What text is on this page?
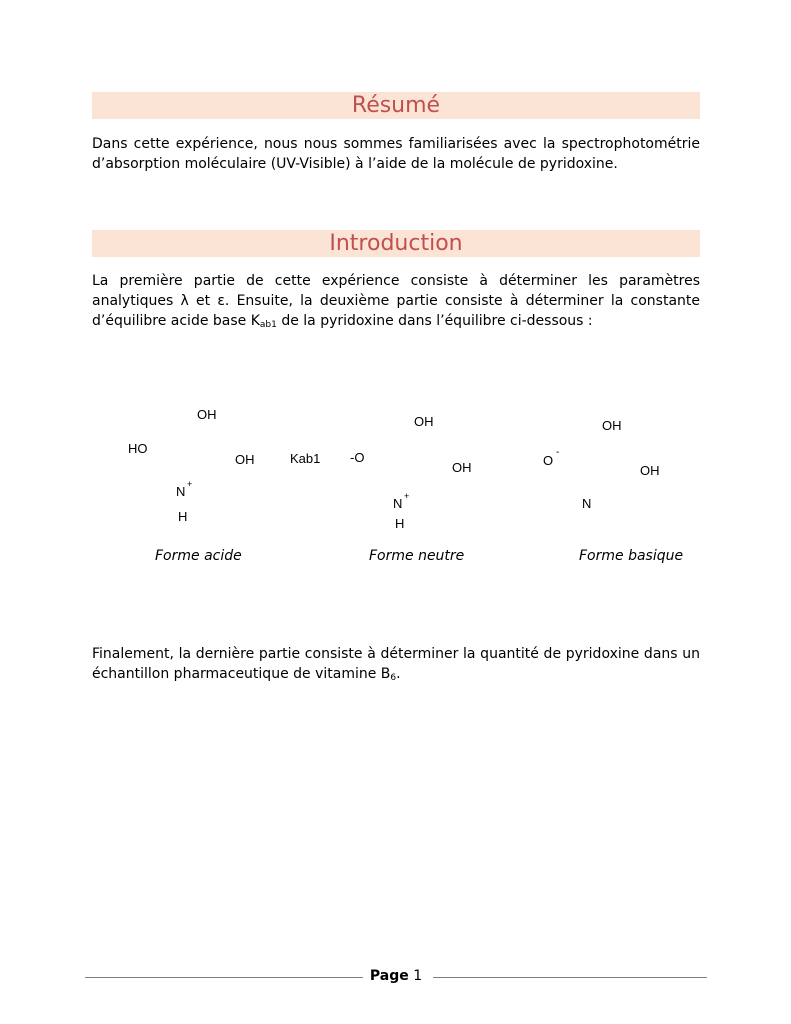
Résumé
Dans cette expérience, nous nous sommes familiarisées avec la spectrophotométrie d’absorption moléculaire (UV-Visible) à l’aide de la molécule de pyridoxine.
Introduction
La première partie de cette expérience consiste à déterminer les paramètres analytiques λ et ε. Ensuite, la deuxième partie consiste à déterminer la constante d’équilibre acide base $K_{ab1}$ de la pyridoxine dans l’équilibre ci-dessous :
OH
HO
OH
N +
H
Kab1
OH
-O
OH
N +
H
OH
O
-
OH
N
Forme acide	Forme neutre	Forme basique
Finalement, la dernière partie consiste à déterminer la quantité de pyridoxine dans un échantillon pharmaceutique de vitamine $B_6$.
Page 1
